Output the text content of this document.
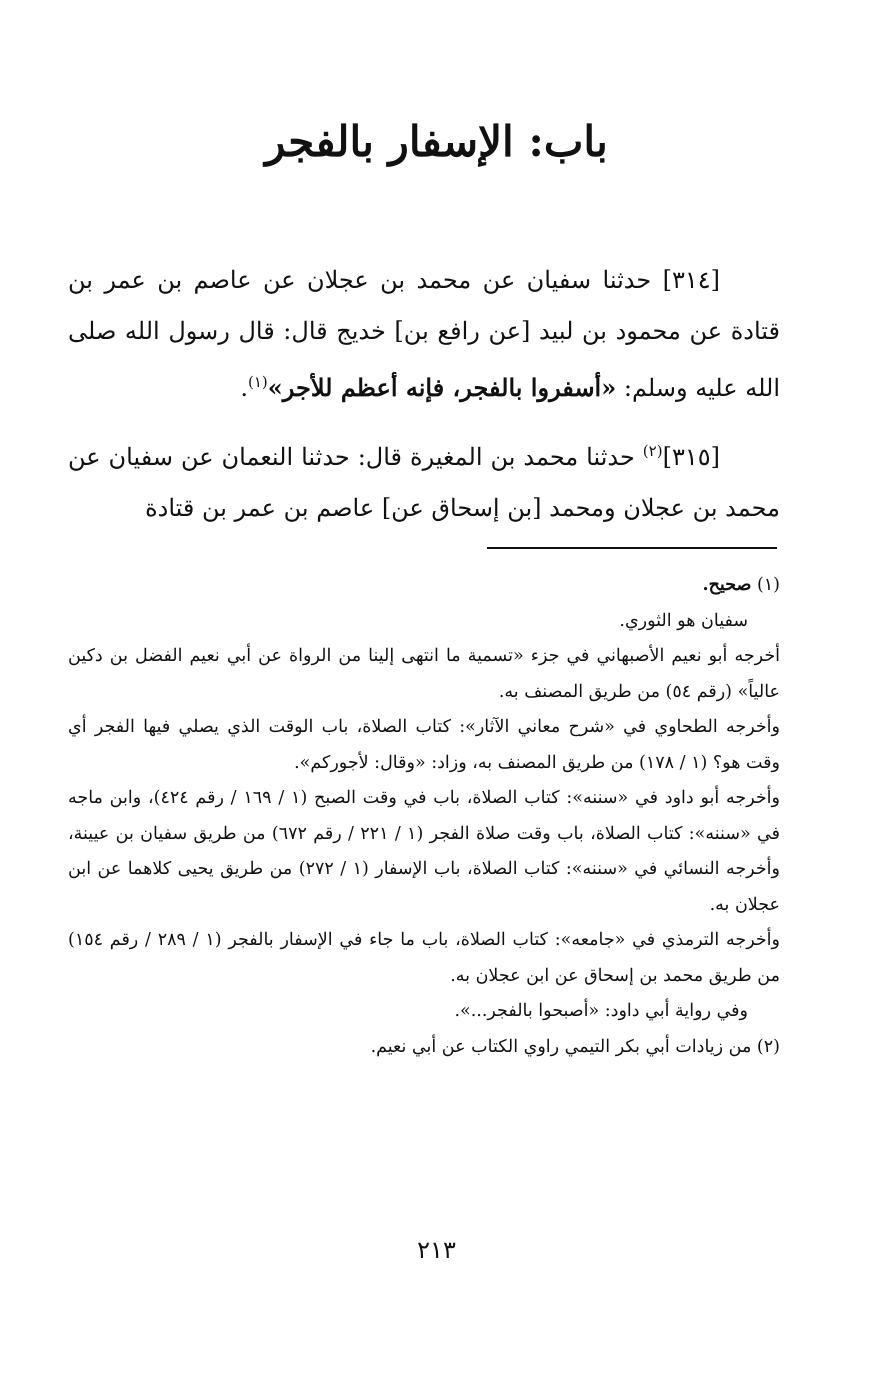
باب: الإسفار بالفجر

[٣١٤] حدثنا سفيان عن محمد بن عجلان عن عاصم بن عمر بن قتادة عن محمود بن لبيد [عن رافع بن] خديج قال: قال رسول الله صلى الله عليه وسلم: «أسفروا بالفجر، فإنه أعظم للأجر»$^{(١)}$.

[٣١٥]$^{(٢)}$ حدثنا محمد بن المغيرة قال: حدثنا النعمان عن سفيان عن محمد بن عجلان ومحمد [بن إسحاق عن] عاصم بن عمر بن قتادة

(١) صحيح.

سفيان هو الثوري.

أخرجه أبو نعيم الأصبهاني في جزء «تسمية ما انتهى إلينا من الرواة عن أبي نعيم الفضل بن دكين عالياً» (رقم ٥٤) من طريق المصنف به.

وأخرجه الطحاوي في «شرح معاني الآثار»: كتاب الصلاة، باب الوقت الذي يصلي فيها الفجر أي وقت هو؟ (١ / ١٧٨) من طريق المصنف به، وزاد: «وقال: لأجوركم».

وأخرجه أبو داود في «سننه»: كتاب الصلاة، باب في وقت الصبح (١ / ١٦٩ / رقم ٤٢٤)، وابن ماجه في «سننه»: كتاب الصلاة، باب وقت صلاة الفجر (١ / ٢٢١ / رقم ٦٧٢) من طريق سفيان بن عيينة، وأخرجه النسائي في «سننه»: كتاب الصلاة، باب الإسفار (١ / ٢٧٢) من طريق يحيى كلاهما عن ابن عجلان به.

وأخرجه الترمذي في «جامعه»: كتاب الصلاة، باب ما جاء في الإسفار بالفجر (١ / ٢٨٩ / رقم ١٥٤) من طريق محمد بن إسحاق عن ابن عجلان به.

وفي رواية أبي داود: «أصبحوا بالفجر...».

(٢) من زيادات أبي بكر التيمي راوي الكتاب عن أبي نعيم.

٢١٣
